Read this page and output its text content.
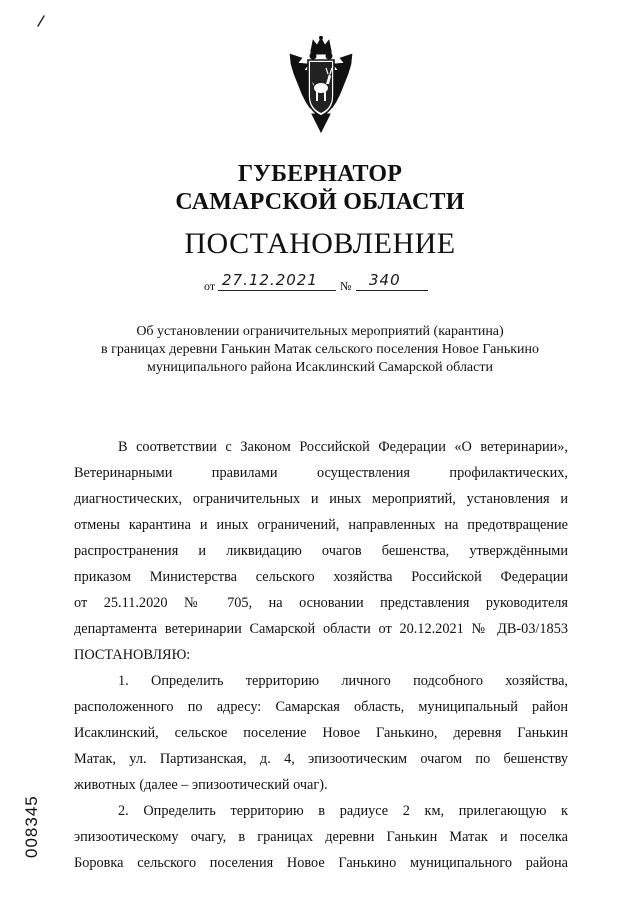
ГУБЕРНАТОР
САМАРСКОЙ ОБЛАСТИ
ПОСТАНОВЛЕНИЕ
от 27.12.2021 № 340
Об установлении ограничительных мероприятий (карантина)
в границах деревни Ганькин Матак сельского поселения Новое Ганькино
муниципального района Исаклинский Самарской области
В соответствии с Законом Российской Федерации «О ветеринарии»,
Ветеринарными правилами осуществления профилактических,
диагностических, ограничительных и иных мероприятий, установления и
отмены карантина и иных ограничений, направленных на предотвращение
распространения и ликвидацию очагов бешенства, утверждёнными
приказом Министерства сельского хозяйства Российской Федерации
от 25.11.2020 № 705, на основании представления руководителя
департамента ветеринарии Самарской области от 20.12.2021 № ДВ-03/1853
ПОСТАНОВЛЯЮ:
1. Определить территорию личного подсобного хозяйства,
расположенного по адресу: Самарская область, муниципальный район
Исаклинский, сельское поселение Новое Ганькино, деревня Ганькин
Матак, ул. Партизанская, д. 4, эпизоотическим очагом по бешенству
животных (далее – эпизоотический очаг).
2. Определить территорию в радиусе 2 км, прилегающую к
эпизоотическому очагу, в границах деревни Ганькин Матак и поселка
Боровка сельского поселения Новое Ганькино муниципального района
008345
